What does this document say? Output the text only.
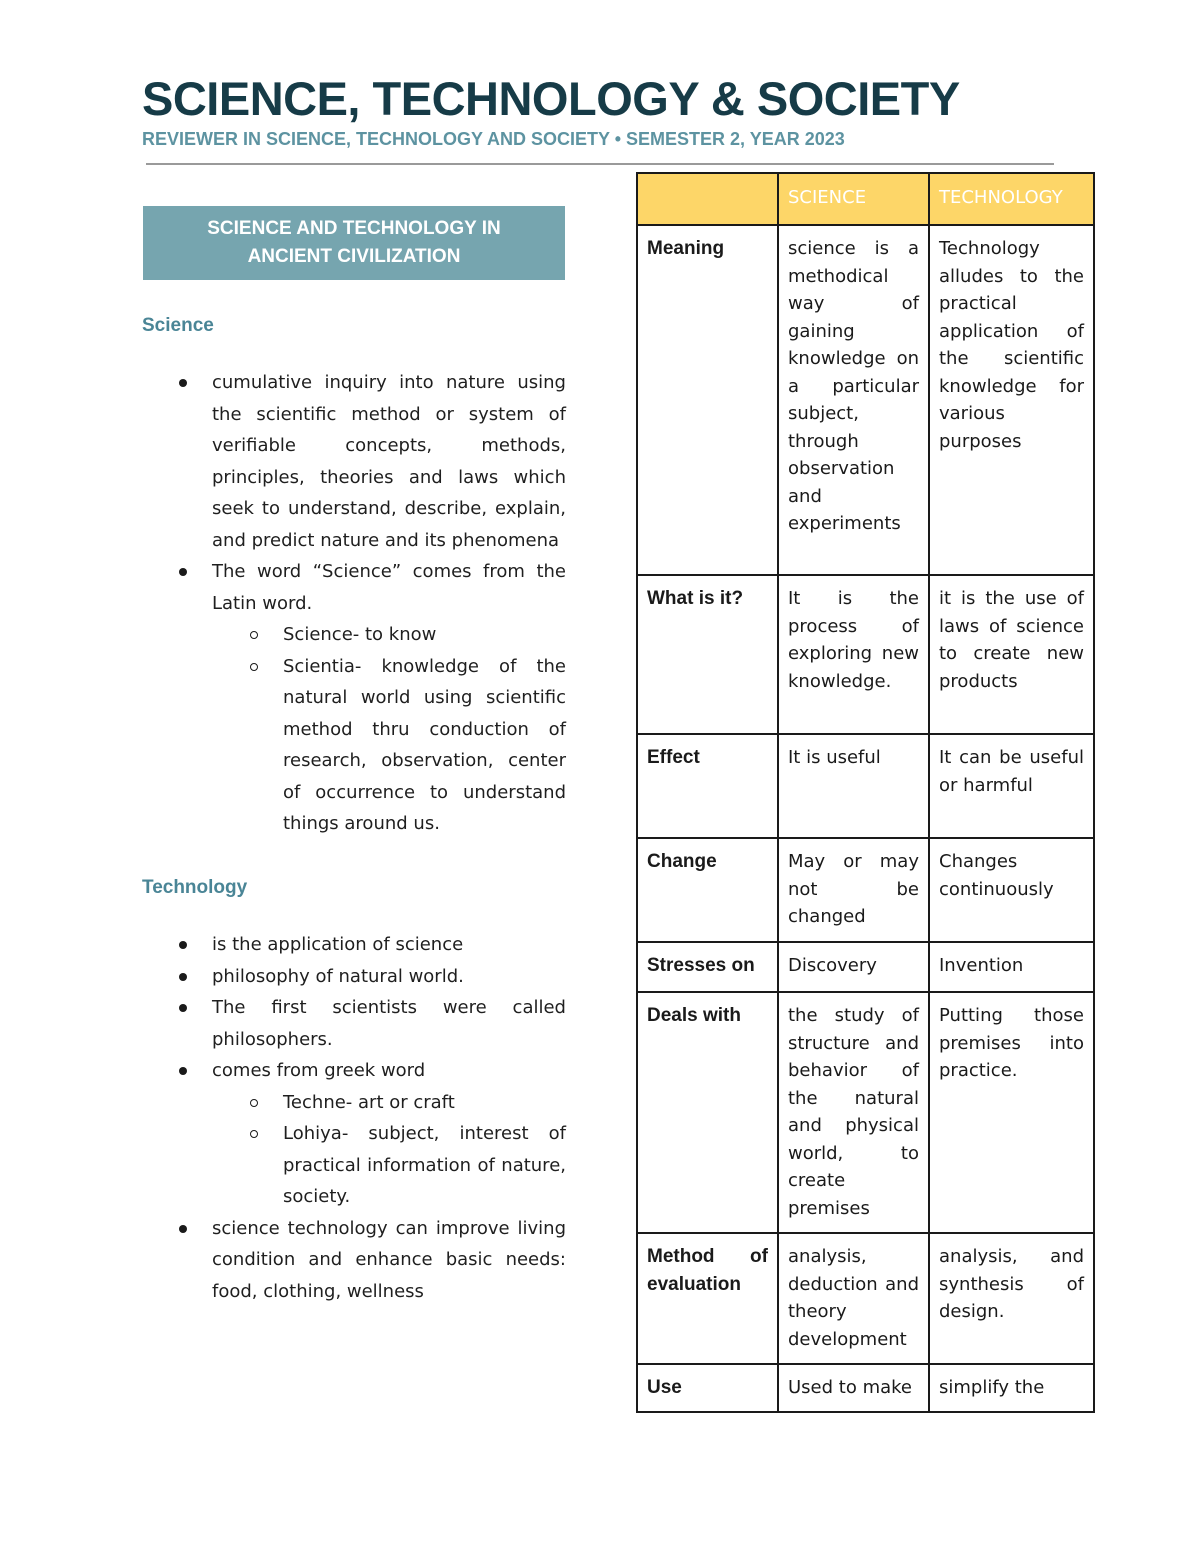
SCIENCE, TECHNOLOGY & SOCIETY
REVIEWER IN SCIENCE, TECHNOLOGY AND SOCIETY • SEMESTER 2, YEAR 2023
SCIENCE AND TECHNOLOGY IN
ANCIENT CIVILIZATION
Science
cumulative inquiry into nature using the scientific method or system of verifiable concepts, methods, principles, theories and laws which seek to understand, describe, explain, and predict nature and its phenomena
The word “Science” comes from the Latin word.
Science- to know
Scientia- knowledge of the natural world using scientific method thru conduction of research, observation, center of occurrence to understand things around us.
Technology
is the application of science
philosophy of natural world.
The first scientists were called philosophers.
comes from greek word
Techne- art or craft
Lohiya- subject, interest of practical information of nature, society.
science technology can improve living condition and enhance basic needs: food, clothing, wellness
	SCIENCE	TECHNOLOGY
Meaning	science is a methodical way of gaining knowledge on a particular subject, through observation and experiments	Technology alludes to the practical application of the scientific knowledge for various purposes
What is it?	It is the process of exploring new knowledge.	it is the use of laws of science to create new products
Effect	It is useful	It can be useful or harmful
Change	May or may not be changed	Changes continuously
Stresses on	Discovery	Invention
Deals with	the study of structure and behavior of the natural and physical world, to create premises	Putting those premises into practice.
Method of evaluation	analysis, deduction and theory development	analysis, and synthesis of design.
Use	Used to make	simplify the
